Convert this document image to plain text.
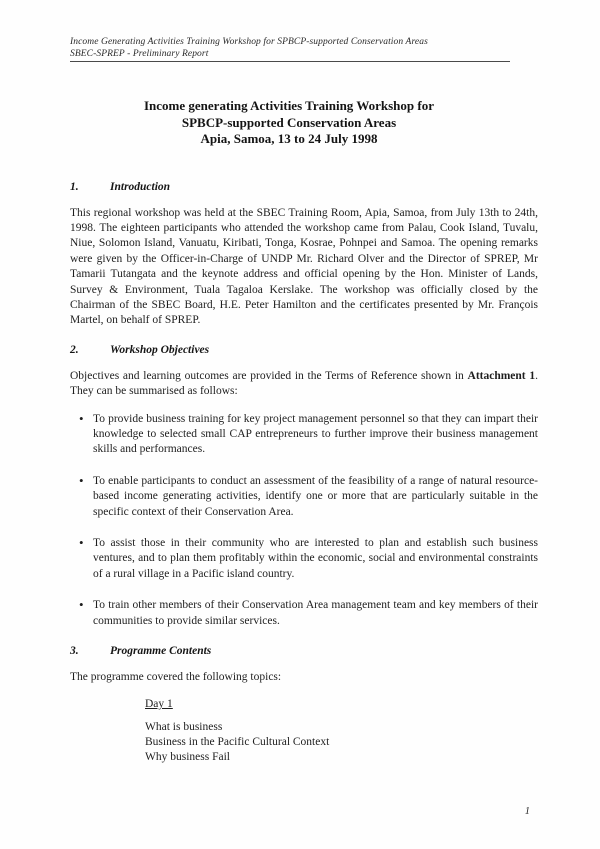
Income Generating Activities Training Workshop for SPBCP-supported Conservation Areas
SBEC-SPREP - Preliminary Report
Income generating Activities Training Workshop for
SPBCP-supported Conservation Areas
Apia, Samoa, 13 to 24 July 1998
1.	Introduction

This regional workshop was held at the SBEC Training Room, Apia, Samoa, from July 13th to 24th, 1998. The eighteen participants who attended the workshop came from Palau, Cook Island, Tuvalu, Niue, Solomon Island, Vanuatu, Kiribati, Tonga, Kosrae, Pohnpei and Samoa. The opening remarks were given by the Officer-in-Charge of UNDP Mr. Richard Olver and the Director of SPREP, Mr Tamarii Tutangata and the keynote address and official opening by the Hon. Minister of Lands, Survey & Environment, Tuala Tagaloa Kerslake. The workshop was officially closed by the Chairman of the SBEC Board, H.E. Peter Hamilton and the certificates presented by Mr. François Martel, on behalf of SPREP.

2.	Workshop Objectives

Objectives and learning outcomes are provided in the Terms of Reference shown in Attachment 1. They can be summarised as follows:

• To provide business training for key project management personnel so that they can impart their knowledge to selected small CAP entrepreneurs to further improve their business management skills and performances.
• To enable participants to conduct an assessment of the feasibility of a range of natural resource-based income generating activities, identify one or more that are particularly suitable in the specific context of their Conservation Area.
• To assist those in their community who are interested to plan and establish such business ventures, and to plan them profitably within the economic, social and environmental constraints of a rural village in a Pacific island country.
• To train other members of their Conservation Area management team and key members of their communities to provide similar services.
3.	Programme Contents

The programme covered the following topics:

Day 1
What is business
Business in the Pacific Cultural Context
Why business Fail
1
